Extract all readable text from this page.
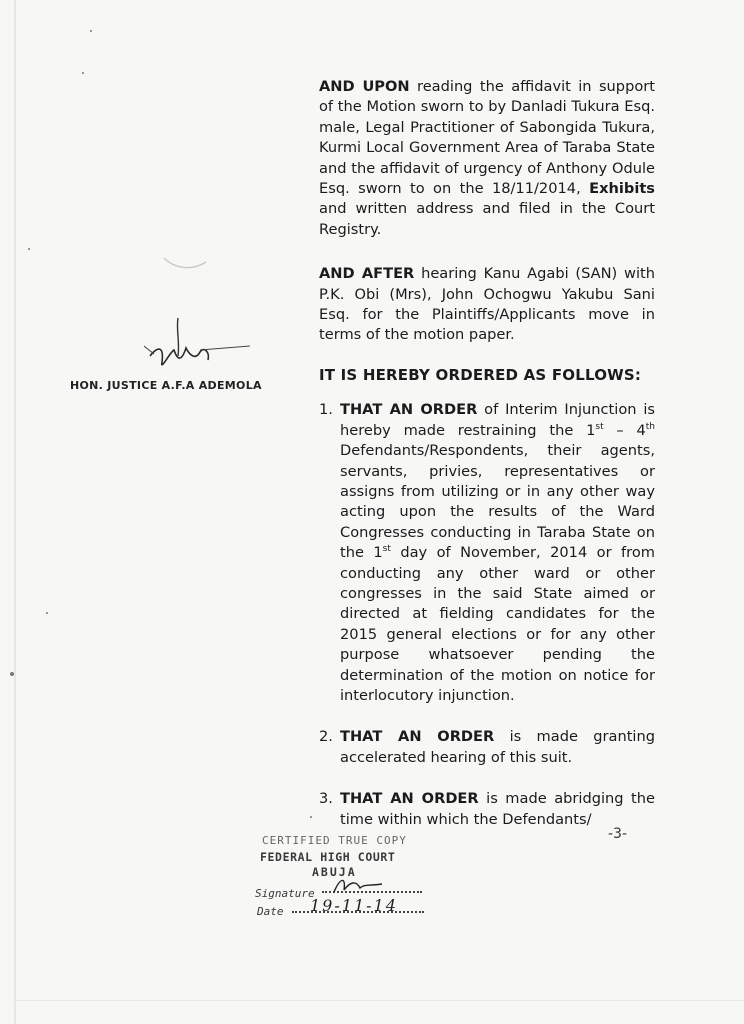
HON. JUSTICE A.F.A ADEMOLA

AND UPON reading the affidavit in support of the Motion sworn to by Danladi Tukura Esq. male, Legal Practitioner of Sabongida Tukura, Kurmi Local Government Area of Taraba State and the affidavit of urgency of Anthony Odule Esq. sworn to on the 18/11/2014, Exhibits and written address and filed in the Court Registry.

AND AFTER hearing Kanu Agabi (SAN) with P.K. Obi (Mrs), John Ochogwu Yakubu Sani Esq. for the Plaintiffs/Applicants move in terms of the motion paper.

IT IS HEREBY ORDERED AS FOLLOWS:

1. THAT AN ORDER of Interim Injunction is hereby made restraining the 1st – 4th Defendants/Respondents, their agents, servants, privies, representatives or assigns from utilizing or in any other way acting upon the results of the Ward Congresses conducting in Taraba State on the 1st day of November, 2014 or from conducting any other ward or other congresses in the said State aimed or directed at fielding candidates for the 2015 general elections or for any other purpose whatsoever pending the determination of the motion on notice for interlocutory injunction.
2. THAT AN ORDER is made granting accelerated hearing of this suit.
3. THAT AN ORDER is made abridging the time within which the Defendants/
-3-
CERTIFIED TRUE COPY
FEDERAL HIGH COURT
ABUJA
Signature
19-11-14
Date
